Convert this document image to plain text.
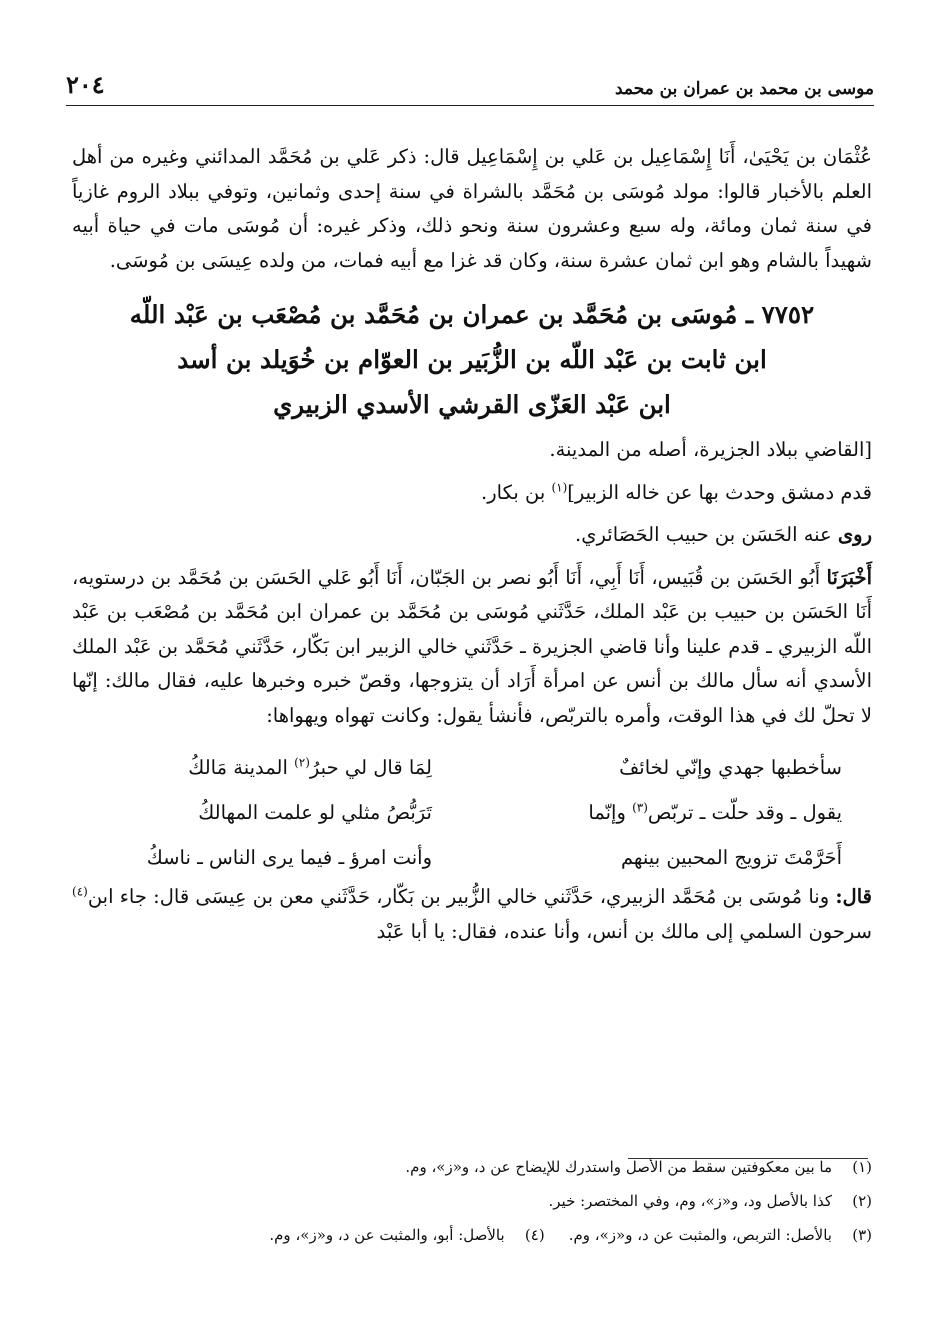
٢٠٤	موسى بن محمد بن عمران بن محمد

عُثْمَان بن يَحْيَىٰ، أَنَا إِسْمَاعِيل بن عَلي بن إِسْمَاعِيل قال: ذكر عَلي بن مُحَمَّد المدائني وغيره من أهل العلم بالأخبار قالوا: مولد مُوسَى بن مُحَمَّد بالشراة في سنة إحدى وثمانين، وتوفي ببلاد الروم غازياً في سنة ثمان ومائة، وله سبع وعشرون سنة ونحو ذلك، وذكر غيره: أن مُوسَى مات في حياة أبيه شهيداً بالشام وهو ابن ثمان عشرة سنة، وكان قد غزا مع أبيه فمات، من ولده عِيسَى بن مُوسَى.

٧٧٥٢ ـ مُوسَى بن مُحَمَّد بن عمران بن مُحَمَّد بن مُصْعَب بن عَبْد اللّه
ابن ثابت بن عَبْد اللّه بن الزُّبَير بن العوّام بن خُوَيلد بن أسد
ابن عَبْد العَزّى القرشي الأسدي الزبيري

[القاضي ببلاد الجزيرة، أصله من المدينة.

قدم دمشق وحدث بها عن خاله الزبير]$^{(١)}$ بن بكار.

روى عنه الحَسَن بن حبيب الحَصَائري.

أَخْبَرَنَا أَبُو الحَسَن بن قُبَيس، أَنَا أَبِي، أَنَا أَبُو نصر بن الجَبّان، أَنَا أَبُو عَلي الحَسَن بن مُحَمَّد بن درستويه، أَنَا الحَسَن بن حبيب بن عَبْد الملك، حَدَّثَني مُوسَى بن مُحَمَّد بن عمران ابن مُحَمَّد بن مُصْعَب بن عَبْد اللّه الزبيري ـ قدم علينا وأنا قاضي الجزيرة ـ حَدَّثَني خالي الزبير ابن بَكّار، حَدَّثَني مُحَمَّد بن عَبْد الملك الأسدي أنه سأل مالك بن أنس عن امرأة أَرَاد أن يتزوجها، وقصّ خبره وخبرها عليه، فقال مالك: إنّها لا تحلّ لك في هذا الوقت، وأمره بالتربّص، فأنشأ يقول: وكانت تهواه ويهواها:

سأخطبها جهدي وإنّي لخائفٌ
لِمَا قال لي حبرُ$^{(٢)}$ المدينة مَالكُ
يقول ـ وقد حلّت ـ تربّص$^{(٣)}$ وإنّما
تَرَبُّصُ مثلي لو علمت المهالكُ
أَحَرَّمْتَ تزويج المحبين بينهم
وأنت امرؤ ـ فيما يرى الناس ـ ناسكُ

قال: ونا مُوسَى بن مُحَمَّد الزبيري، حَدَّثَني خالي الزُّبير بن بَكّار، حَدَّثَني معن بن عِيسَى قال: جاء ابن$^{(٤)}$ سرحون السلمي إلى مالك بن أنس، وأنا عنده، فقال: يا أبا عَبْد

(١)
ما بين معكوفتين سقط من الأصل واستدرك للإيضاح عن د، و«ز»، وم.
(٢)
كذا بالأصل ود، و«ز»، وم، وفي المختصر: خير.
(٣)
بالأصل: التربص، والمثبت عن د، و«ز»، وم.
(٤)
بالأصل: أبو، والمثبت عن د، و«ز»، وم.
